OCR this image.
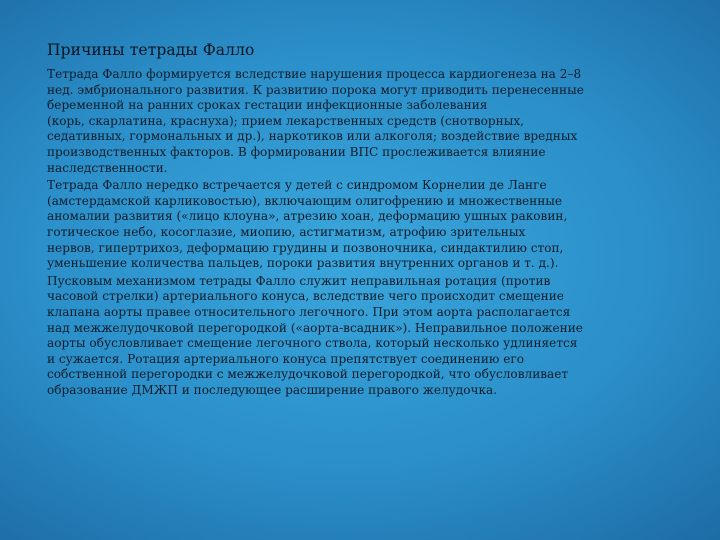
Причины тетрады Фалло

Тетрада Фалло формируется вследствие нарушения процесса кардиогенеза на 2–8
нед. эмбрионального развития. К развитию порока могут приводить перенесенные
беременной на ранних сроках гестации инфекционные заболевания
(корь, скарлатина, краснуха); прием лекарственных средств (снотворных,
седативных, гормональных и др.), наркотиков или алкоголя; воздействие вредных
производственных факторов. В формировании ВПС прослеживается влияние
наследственности.

Тетрада Фалло нередко встречается у детей с синдромом Корнелии де Ланге
(амстердамской карликовостью), включающим олигофрению и множественные
аномалии развития («лицо клоуна», атрезию хоан, деформацию ушных раковин,
готическое небо, косоглазие, миопию, астигматизм, атрофию зрительных
нервов, гипертрихоз, деформацию грудины и позвоночника, синдактилию стоп,
уменьшение количества пальцев, пороки развития внутренних органов и т. д.).

Пусковым механизмом тетрады Фалло служит неправильная ротация (против
часовой стрелки) артериального конуса, вследствие чего происходит смещение
клапана аорты правее относительного легочного. При этом аорта располагается
над межжелудочковой перегородкой («аорта-всадник»). Неправильное положение
аорты обусловливает смещение легочного ствола, который несколько удлиняется
и сужается. Ротация артериального конуса препятствует соединению его
собственной перегородки с межжелудочковой перегородкой, что обусловливает
образование ДМЖП и последующее расширение правого желудочка.
